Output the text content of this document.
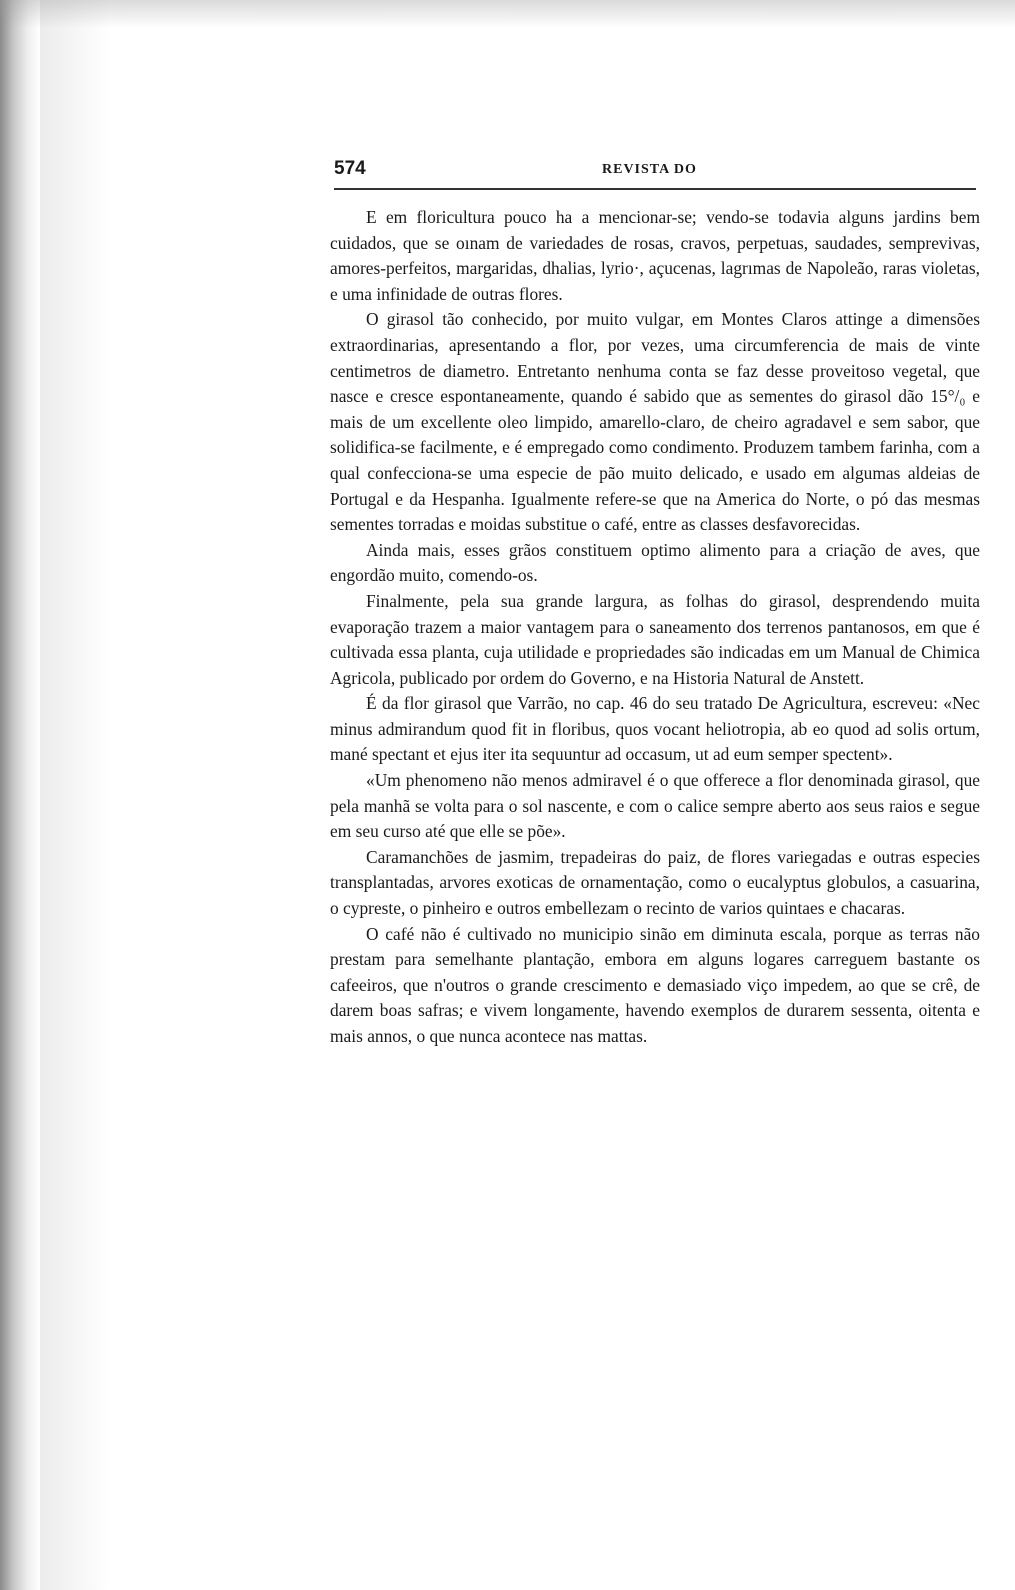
574	REVISTA DO

E em floricultura pouco ha a mencionar-se; vendo-se todavia alguns jardins bem cuidados, que se oınam de variedades de rosas, cravos, perpetuas, saudades, semprevivas, amores-perfeitos, margaridas, dhalias, lyrio·, açucenas, lagrımas de Napoleão, raras violetas, e uma infinidade de outras flores.

O girasol tão conhecido, por muito vulgar, em Montes Claros attinge a dimensões extraordinarias, apresentando a flor, por vezes, uma circumferencia de mais de vinte centimetros de diametro. Entretanto nenhuma conta se faz desse proveitoso vegetal, que nasce e cresce espontaneamente, quando é sabido que as sementes do girasol dão 15°/₀ e mais de um excellente oleo limpido, amarello-claro, de cheiro agradavel e sem sabor, que solidifica-se facilmente, e é empregado como condimento. Produzem tambem farinha, com a qual confecciona-se uma especie de pão muito delicado, e usado em algumas aldeias de Portugal e da Hespanha. Igualmente refere-se que na America do Norte, o pó das mesmas sementes torradas e moidas substitue o café, entre as classes desfavorecidas.

Ainda mais, esses grãos constituem optimo alimento para a criação de aves, que engordão muito, comendo-os.

Finalmente, pela sua grande largura, as folhas do girasol, desprendendo muita evaporação trazem a maior vantagem para o saneamento dos terrenos pantanosos, em que é cultivada essa planta, cuja utilidade e propriedades são indicadas em um Manual de Chimica Agricola, publicado por ordem do Governo, e na Historia Natural de Anstett.

É da flor girasol que Varrão, no cap. 46 do seu tratado De Agricultura, escreveu: «Nec minus admirandum quod fit in floribus, quos vocant heliotropia, ab eo quod ad solis ortum, mané spectant et ejus iter ita sequuntur ad occasum, ut ad eum semper spectent».

«Um phenomeno não menos admiravel é o que offerece a flor denominada girasol, que pela manhã se volta para o sol nascente, e com o calice sempre aberto aos seus raios e segue em seu curso até que elle se põe».

Caramanchões de jasmim, trepadeiras do paiz, de flores variegadas e outras especies transplantadas, arvores exoticas de ornamentação, como o eucalyptus globulos, a casuarina, o cypreste, o pinheiro e outros embellezam o recinto de varios quintaes e chacaras.

O café não é cultivado no municipio sinão em diminuta escala, porque as terras não prestam para semelhante plantação, embora em alguns logares carreguem bastante os cafeeiros, que n'outros o grande crescimento e demasiado viço impedem, ao que se crê, de darem boas safras; e vivem longamente, havendo exemplos de durarem sessenta, oitenta e mais annos, o que nunca acontece nas mattas.
